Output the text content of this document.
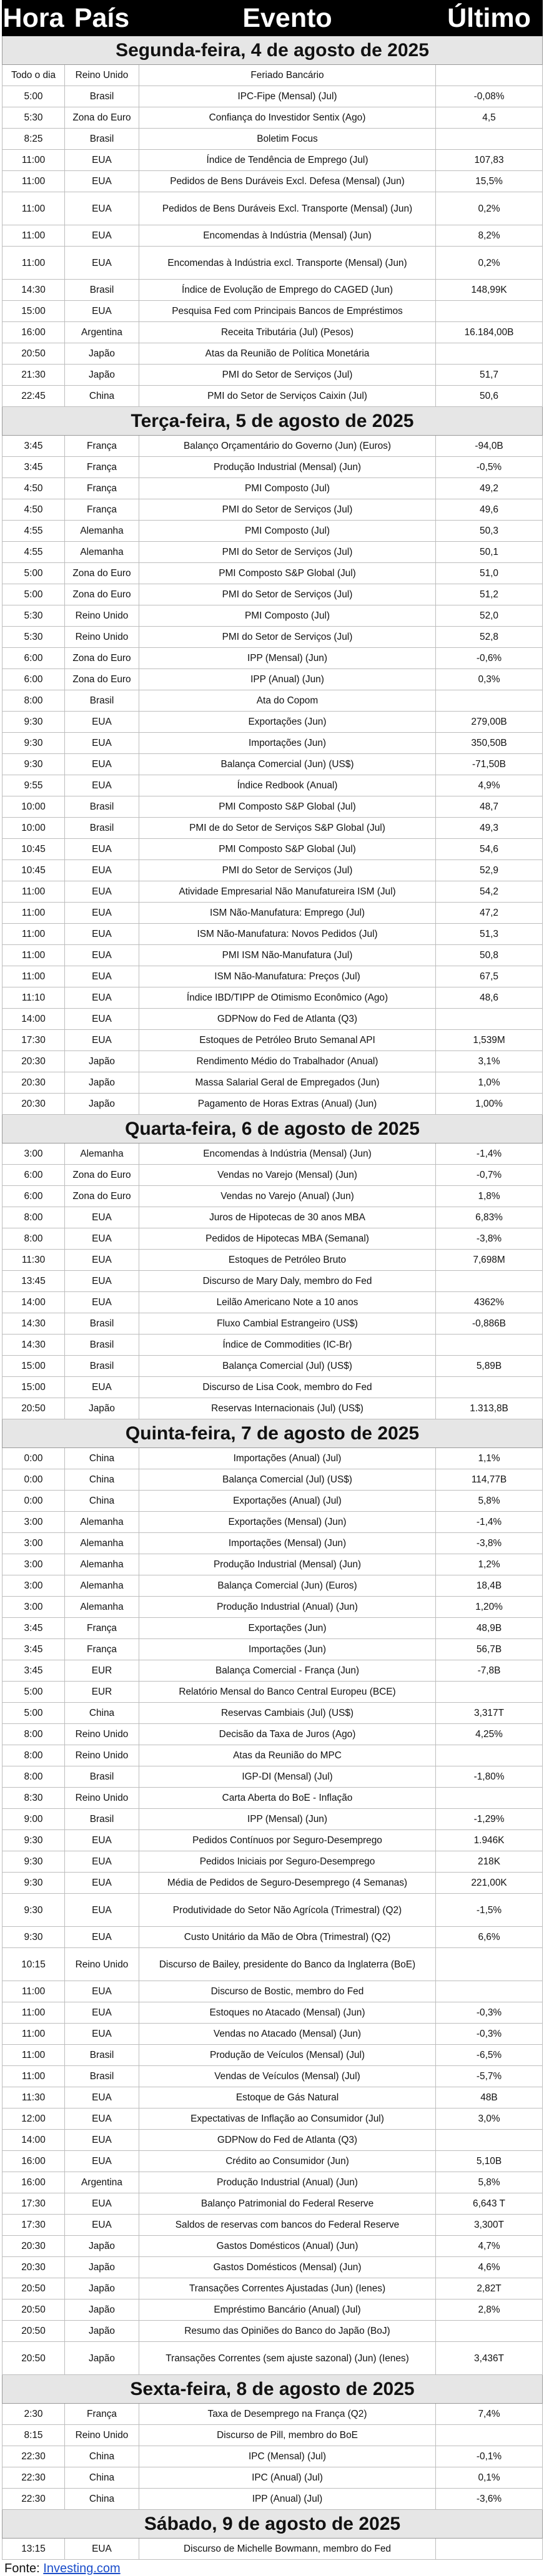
Hora	País	Evento	Último
Segunda-feira, 4 de agosto de 2025			
Todo o dia	Reino Unido	Feriado Bancário	
5:00	Brasil	IPC-Fipe (Mensal) (Jul)	-0,08%
5:30	Zona do Euro	Confiança do Investidor Sentix (Ago)	4,5
8:25	Brasil	Boletim Focus	
11:00	EUA	Índice de Tendência de Emprego (Jul)	107,83
11:00	EUA	Pedidos de Bens Duráveis Excl. Defesa (Mensal) (Jun)	15,5%
11:00	EUA	Pedidos de Bens Duráveis Excl. Transporte (Mensal) (Jun)	0,2%
11:00	EUA	Encomendas à Indústria (Mensal) (Jun)	8,2%
11:00	EUA	Encomendas à Indústria excl. Transporte (Mensal) (Jun)	0,2%
14:30	Brasil	Índice de Evolução de Emprego do CAGED (Jun)	148,99K
15:00	EUA	Pesquisa Fed com Principais Bancos de Empréstimos	
16:00	Argentina	Receita Tributária (Jul) (Pesos)	16.184,00B
20:50	Japão	Atas da Reunião de Política Monetária	
21:30	Japão	PMI do Setor de Serviços (Jul)	51,7
22:45	China	PMI do Setor de Serviços Caixin (Jul)	50,6
Terça-feira, 5 de agosto de 2025			
3:45	França	Balanço Orçamentário do Governo (Jun) (Euros)	-94,0B
3:45	França	Produção Industrial (Mensal) (Jun)	-0,5%
4:50	França	PMI Composto (Jul)	49,2
4:50	França	PMI do Setor de Serviços (Jul)	49,6
4:55	Alemanha	PMI Composto (Jul)	50,3
4:55	Alemanha	PMI do Setor de Serviços (Jul)	50,1
5:00	Zona do Euro	PMI Composto S&P Global (Jul)	51,0
5:00	Zona do Euro	PMI do Setor de Serviços (Jul)	51,2
5:30	Reino Unido	PMI Composto (Jul)	52,0
5:30	Reino Unido	PMI do Setor de Serviços (Jul)	52,8
6:00	Zona do Euro	IPP (Mensal) (Jun)	-0,6%
6:00	Zona do Euro	IPP (Anual) (Jun)	0,3%
8:00	Brasil	Ata do Copom	
9:30	EUA	Exportações (Jun)	279,00B
9:30	EUA	Importações (Jun)	350,50B
9:30	EUA	Balança Comercial (Jun) (US$)	-71,50B
9:55	EUA	Índice Redbook (Anual)	4,9%
10:00	Brasil	PMI Composto S&P Global (Jul)	48,7
10:00	Brasil	PMI de do Setor de Serviços S&P Global (Jul)	49,3
10:45	EUA	PMI Composto S&P Global (Jul)	54,6
10:45	EUA	PMI do Setor de Serviços (Jul)	52,9
11:00	EUA	Atividade Empresarial Não Manufatureira ISM (Jul)	54,2
11:00	EUA	ISM Não-Manufatura: Emprego (Jul)	47,2
11:00	EUA	ISM Não-Manufatura: Novos Pedidos (Jul)	51,3
11:00	EUA	PMI ISM Não-Manufatura (Jul)	50,8
11:00	EUA	ISM Não-Manufatura: Preços (Jul)	67,5
11:10	EUA	Índice IBD/TIPP de Otimismo Econômico (Ago)	48,6
14:00	EUA	GDPNow do Fed de Atlanta (Q3)	
17:30	EUA	Estoques de Petróleo Bruto Semanal API	1,539M
20:30	Japão	Rendimento Médio do Trabalhador (Anual)	3,1%
20:30	Japão	Massa Salarial Geral de Empregados (Jun)	1,0%
20:30	Japão	Pagamento de Horas Extras (Anual) (Jun)	1,00%
Quarta-feira, 6 de agosto de 2025			
3:00	Alemanha	Encomendas à Indústria (Mensal) (Jun)	-1,4%
6:00	Zona do Euro	Vendas no Varejo (Mensal) (Jun)	-0,7%
6:00	Zona do Euro	Vendas no Varejo (Anual) (Jun)	1,8%
8:00	EUA	Juros de Hipotecas de 30 anos MBA	6,83%
8:00	EUA	Pedidos de Hipotecas MBA (Semanal)	-3,8%
11:30	EUA	Estoques de Petróleo Bruto	7,698M
13:45	EUA	Discurso de Mary Daly, membro do Fed	
14:00	EUA	Leilão Americano Note a 10 anos	4362%
14:30	Brasil	Fluxo Cambial Estrangeiro (US$)	-0,886B
14:30	Brasil	Índice de Commodities (IC-Br)	
15:00	Brasil	Balança Comercial (Jul) (US$)	5,89B
15:00	EUA	Discurso de Lisa Cook, membro do Fed	
20:50	Japão	Reservas Internacionais (Jul) (US$)	1.313,8B
Quinta-feira, 7 de agosto de 2025			
0:00	China	Importações (Anual) (Jul)	1,1%
0:00	China	Balança Comercial (Jul) (US$)	114,77B
0:00	China	Exportações (Anual) (Jul)	5,8%
3:00	Alemanha	Exportações (Mensal) (Jun)	-1,4%
3:00	Alemanha	Importações (Mensal) (Jun)	-3,8%
3:00	Alemanha	Produção Industrial (Mensal) (Jun)	1,2%
3:00	Alemanha	Balança Comercial (Jun) (Euros)	18,4B
3:00	Alemanha	Produção Industrial (Anual) (Jun)	1,20%
3:45	França	Exportações (Jun)	48,9B
3:45	França	Importações (Jun)	56,7B
3:45	EUR	Balança Comercial - França (Jun)	-7,8B
5:00	EUR	Relatório Mensal do Banco Central Europeu (BCE)	
5:00	China	Reservas Cambiais (Jul) (US$)	3,317T
8:00	Reino Unido	Decisão da Taxa de Juros (Ago)	4,25%
8:00	Reino Unido	Atas da Reunião do MPC	
8:00	Brasil	IGP-DI (Mensal) (Jul)	-1,80%
8:30	Reino Unido	Carta Aberta do BoE - Inflação	
9:00	Brasil	IPP (Mensal) (Jun)	-1,29%
9:30	EUA	Pedidos Contínuos por Seguro-Desemprego	1.946K
9:30	EUA	Pedidos Iniciais por Seguro-Desemprego	218K
9:30	EUA	Média de Pedidos de Seguro-Desemprego (4 Semanas)	221,00K
9:30	EUA	Produtividade do Setor Não Agrícola (Trimestral) (Q2)	-1,5%
9:30	EUA	Custo Unitário da Mão de Obra (Trimestral) (Q2)	6,6%
10:15	Reino Unido	Discurso de Bailey, presidente do Banco da Inglaterra (BoE)	
11:00	EUA	Discurso de Bostic, membro do Fed	
11:00	EUA	Estoques no Atacado (Mensal) (Jun)	-0,3%
11:00	EUA	Vendas no Atacado (Mensal) (Jun)	-0,3%
11:00	Brasil	Produção de Veículos (Mensal) (Jul)	-6,5%
11:00	Brasil	Vendas de Veículos (Mensal) (Jul)	-5,7%
11:30	EUA	Estoque de Gás Natural	48B
12:00	EUA	Expectativas de Inflação ao Consumidor (Jul)	3,0%
14:00	EUA	GDPNow do Fed de Atlanta (Q3)	
16:00	EUA	Crédito ao Consumidor (Jun)	5,10B
16:00	Argentina	Produção Industrial (Anual) (Jun)	5,8%
17:30	EUA	Balanço Patrimonial do Federal Reserve	6,643 T
17:30	EUA	Saldos de reservas com bancos do Federal Reserve	3,300T
20:30	Japão	Gastos Domésticos (Anual) (Jun)	4,7%
20:30	Japão	Gastos Domésticos (Mensal) (Jun)	4,6%
20:50	Japão	Transações Correntes Ajustadas (Jun) (Ienes)	2,82T
20:50	Japão	Empréstimo Bancário (Anual) (Jul)	2,8%
20:50	Japão	Resumo das Opiniões do Banco do Japão (BoJ)	
20:50	Japão	Transações Correntes (sem ajuste sazonal) (Jun) (Ienes)	3,436T
Sexta-feira, 8 de agosto de 2025			
2:30	França	Taxa de Desemprego na França (Q2)	7,4%
8:15	Reino Unido	Discurso de Pill, membro do BoE	
22:30	China	IPC (Mensal) (Jul)	-0,1%
22:30	China	IPC (Anual) (Jul)	0,1%
22:30	China	IPP (Anual) (Jul)	-3,6%
Sábado, 9 de agosto de 2025			
13:15	EUA	Discurso de Michelle Bowmann, membro do Fed	
Fonte: Investing.com
